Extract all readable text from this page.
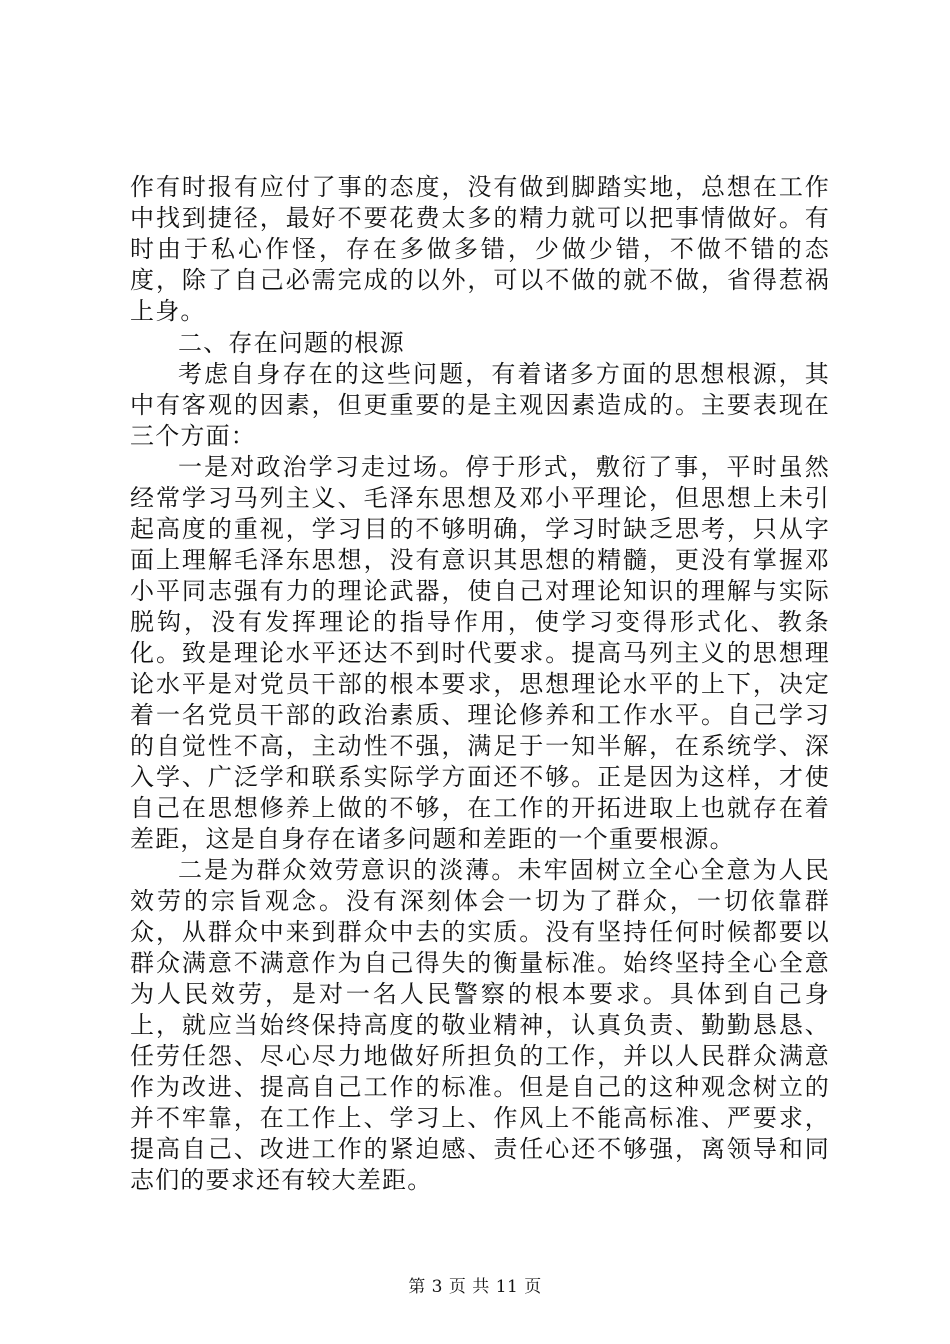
作有时报有应付了事的态度，没有做到脚踏实地，总想在工作中找到捷径，最好不要花费太多的精力就可以把事情做好。有时由于私心作怪，存在多做多错，少做少错，不做不错的态度，除了自己必需完成的以外，可以不做的就不做，省得惹祸上身。

二、存在问题的根源

考虑自身存在的这些问题，有着诸多方面的思想根源，其中有客观的因素，但更重要的是主观因素造成的。主要表现在三个方面：

一是对政治学习走过场。停于形式，敷衍了事，平时虽然经常学习马列主义、毛泽东思想及邓小平理论，但思想上未引起高度的重视，学习目的不够明确，学习时缺乏思考，只从字面上理解毛泽东思想，没有意识其思想的精髓，更没有掌握邓小平同志强有力的理论武器，使自己对理论知识的理解与实际脱钩，没有发挥理论的指导作用，使学习变得形式化、教条化。致是理论水平还达不到时代要求。提高马列主义的思想理论水平是对党员干部的根本要求，思想理论水平的上下，决定着一名党员干部的政治素质、理论修养和工作水平。自己学习的自觉性不高，主动性不强，满足于一知半解，在系统学、深入学、广泛学和联系实际学方面还不够。正是因为这样，才使自己在思想修养上做的不够，在工作的开拓进取上也就存在着差距，这是自身存在诸多问题和差距的一个重要根源。

二是为群众效劳意识的淡薄。未牢固树立全心全意为人民效劳的宗旨观念。没有深刻体会一切为了群众，一切依靠群众，从群众中来到群众中去的实质。没有坚持任何时候都要以群众满意不满意作为自己得失的衡量标准。始终坚持全心全意为人民效劳，是对一名人民警察的根本要求。具体到自己身上，就应当始终保持高度的敬业精神，认真负责、勤勤恳恳、任劳任怨、尽心尽力地做好所担负的工作，并以人民群众满意作为改进、提高自己工作的标准。但是自己的这种观念树立的并不牢靠，在工作上、学习上、作风上不能高标准、严要求，提高自己、改进工作的紧迫感、责任心还不够强，离领导和同志们的要求还有较大差距。

第 3 页 共 11 页
